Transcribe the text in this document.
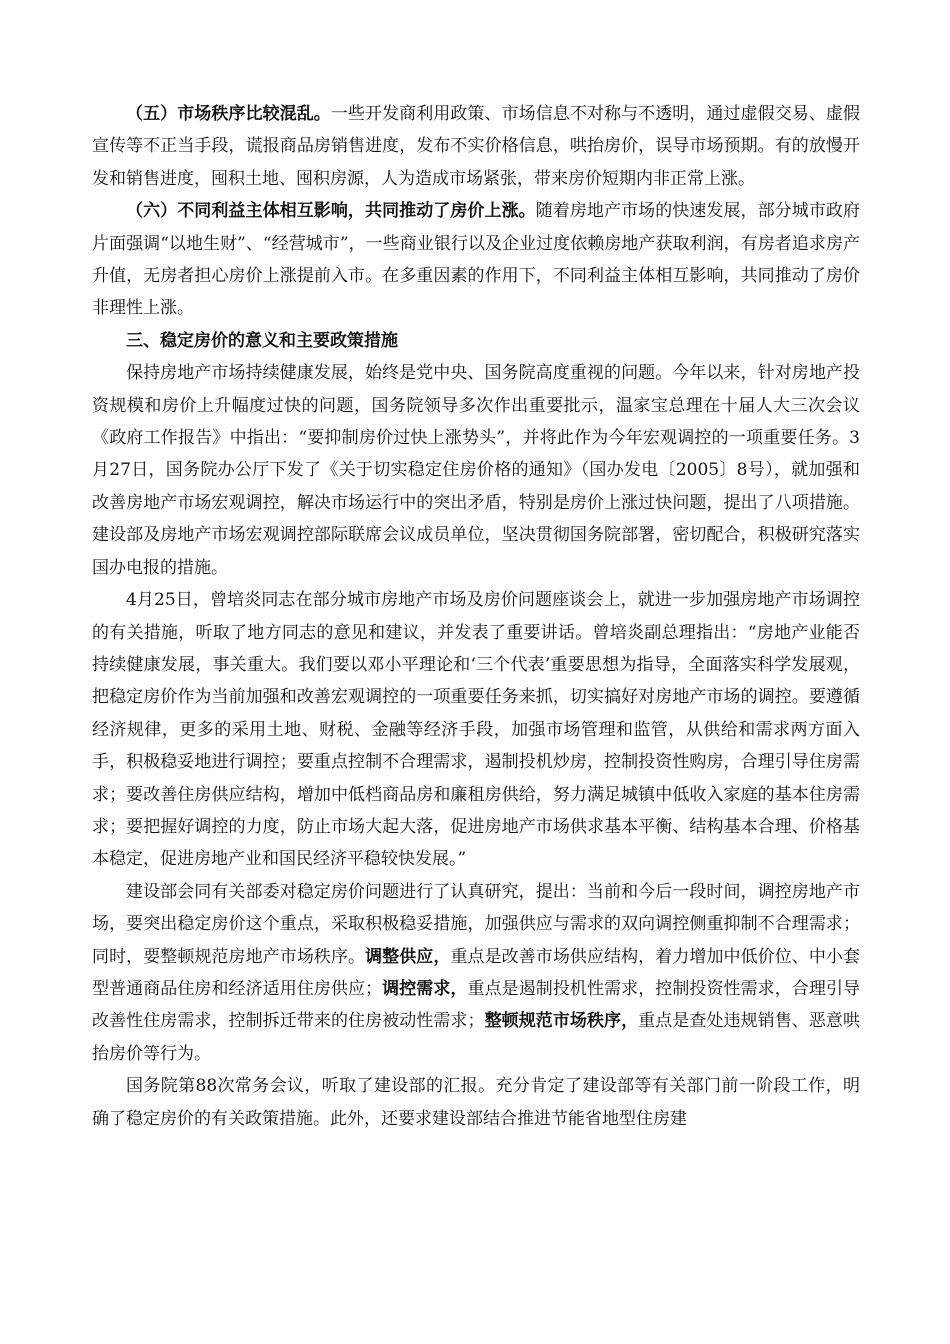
（五）市场秩序比较混乱。一些开发商利用政策、市场信息不对称与不透明，通过虚假交易、虚假宣传等不正当手段，谎报商品房销售进度，发布不实价格信息，哄抬房价，误导市场预期。有的放慢开发和销售进度，囤积土地、囤积房源，人为造成市场紧张，带来房价短期内非正常上涨。

（六）不同利益主体相互影响，共同推动了房价上涨。随着房地产市场的快速发展，部分城市政府片面强调“以地生财”、“经营城市”，一些商业银行以及企业过度依赖房地产获取利润，有房者追求房产升值，无房者担心房价上涨提前入市。在多重因素的作用下，不同利益主体相互影响，共同推动了房价非理性上涨。

三、稳定房价的意义和主要政策措施

保持房地产市场持续健康发展，始终是党中央、国务院高度重视的问题。今年以来，针对房地产投资规模和房价上升幅度过快的问题，国务院领导多次作出重要批示，温家宝总理在十届人大三次会议《政府工作报告》中指出：“要抑制房价过快上涨势头”，并将此作为今年宏观调控的一项重要任务。3月27日，国务院办公厅下发了《关于切实稳定住房价格的通知》（国办发电〔2005〕8号），就加强和改善房地产市场宏观调控，解决市场运行中的突出矛盾，特别是房价上涨过快问题，提出了八项措施。建设部及房地产市场宏观调控部际联席会议成员单位，坚决贯彻国务院部署，密切配合，积极研究落实国办电报的措施。

4月25日，曾培炎同志在部分城市房地产市场及房价问题座谈会上，就进一步加强房地产市场调控的有关措施，听取了地方同志的意见和建议，并发表了重要讲话。曾培炎副总理指出：“房地产业能否持续健康发展，事关重大。我们要以邓小平理论和‘三个代表’重要思想为指导，全面落实科学发展观，把稳定房价作为当前加强和改善宏观调控的一项重要任务来抓，切实搞好对房地产市场的调控。要遵循经济规律，更多的采用土地、财税、金融等经济手段，加强市场管理和监管，从供给和需求两方面入手，积极稳妥地进行调控；要重点控制不合理需求，遏制投机炒房，控制投资性购房，合理引导住房需求；要改善住房供应结构，增加中低档商品房和廉租房供给，努力满足城镇中低收入家庭的基本住房需求；要把握好调控的力度，防止市场大起大落，促进房地产市场供求基本平衡、结构基本合理、价格基本稳定，促进房地产业和国民经济平稳较快发展。”

建设部会同有关部委对稳定房价问题进行了认真研究，提出：当前和今后一段时间，调控房地产市场，要突出稳定房价这个重点，采取积极稳妥措施，加强供应与需求的双向调控侧重抑制不合理需求；同时，要整顿规范房地产市场秩序。调整供应，重点是改善市场供应结构，着力增加中低价位、中小套型普通商品住房和经济适用住房供应；调控需求，重点是遏制投机性需求，控制投资性需求，合理引导改善性住房需求，控制拆迁带来的住房被动性需求；整顿规范市场秩序，重点是查处违规销售、恶意哄抬房价等行为。

国务院第88次常务会议，听取了建设部的汇报。充分肯定了建设部等有关部门前一阶段工作，明确了稳定房价的有关政策措施。此外，还要求建设部结合推进节能省地型住房建
